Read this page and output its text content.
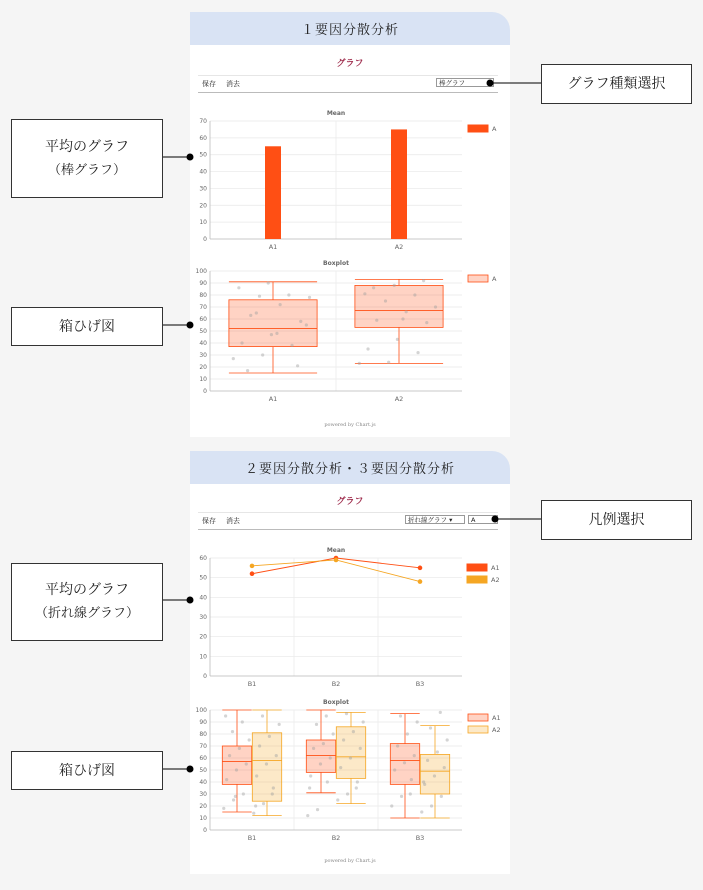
１要因分散分析
グラフ
保存 消去	棒グラフ
Mean
0
10
20
30
40
50
60
70
A1	A2
A
Boxplot
0
10
20
30
40
50
60
70
80
90
100
A1	A2
A
powered by Chart.js
２要因分散分析・３要因分散分析
グラフ
保存 消去	折れ線グラフ ▾	A
Mean
0
10
20
30
40
50
60
B1	B2	B3
A1
A2
Boxplot
0
10
20
30
40
50
60
70
80
90
100
B1	B2	B3
A1
A2
powered by Chart.js
グラフ種類選択
凡例選択
平均のグラフ
（棒グラフ）
箱ひげ図
平均のグラフ
（折れ線グラフ）
箱ひげ図
